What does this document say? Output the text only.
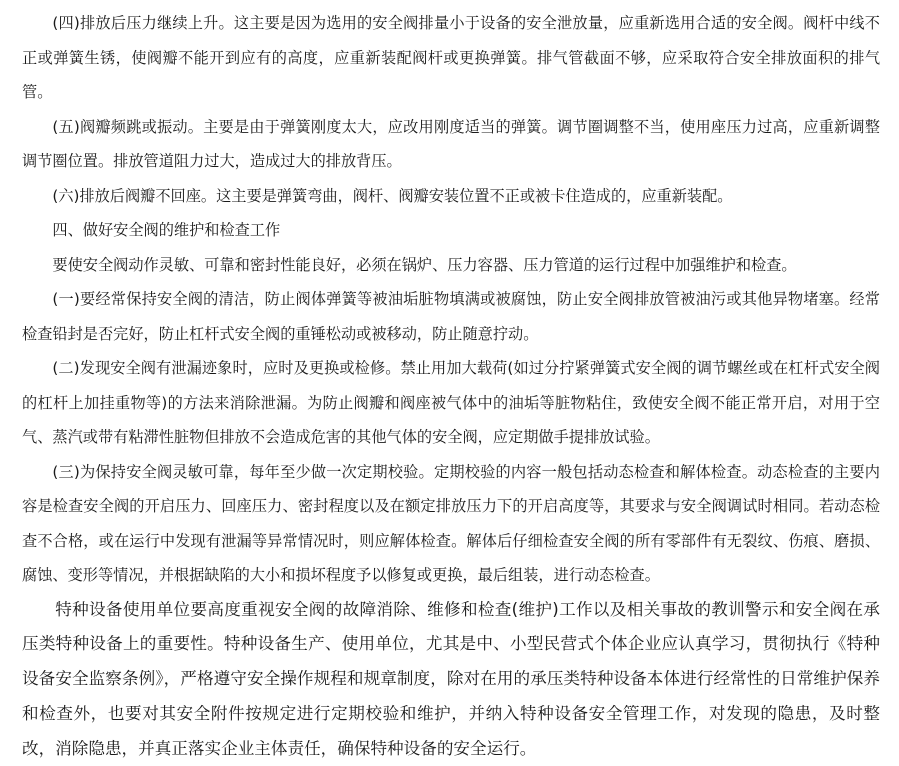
(四)排放后压力继续上升。这主要是因为选用的安全阀排量小于设备的安全泄放量，应重新选用合适的安全阀。阀杆中线不正或弹簧生锈，使阀瓣不能开到应有的高度，应重新装配阀杆或更换弹簧。排气管截面不够，应采取符合安全排放面积的排气管。

(五)阀瓣频跳或振动。主要是由于弹簧刚度太大，应改用刚度适当的弹簧。调节圈调整不当，使用座压力过高，应重新调整调节圈位置。排放管道阻力过大，造成过大的排放背压。

(六)排放后阀瓣不回座。这主要是弹簧弯曲，阀杆、阀瓣安装位置不正或被卡住造成的，应重新装配。

四、做好安全阀的维护和检查工作

要使安全阀动作灵敏、可靠和密封性能良好，必须在锅炉、压力容器、压力管道的运行过程中加强维护和检查。

(一)要经常保持安全阀的清洁，防止阀体弹簧等被油垢脏物填满或被腐蚀，防止安全阀排放管被油污或其他异物堵塞。经常检查铅封是否完好，防止杠杆式安全阀的重锤松动或被移动，防止随意拧动。

(二)发现安全阀有泄漏迹象时，应时及更换或检修。禁止用加大载荷(如过分拧紧弹簧式安全阀的调节螺丝或在杠杆式安全阀的杠杆上加挂重物等)的方法来消除泄漏。为防止阀瓣和阀座被气体中的油垢等脏物粘住，致使安全阀不能正常开启，对用于空气、蒸汽或带有粘滞性脏物但排放不会造成危害的其他气体的安全阀，应定期做手提排放试验。

(三)为保持安全阀灵敏可靠，每年至少做一次定期校验。定期校验的内容一般包括动态检查和解体检查。动态检查的主要内容是检查安全阀的开启压力、回座压力、密封程度以及在额定排放压力下的开启高度等，其要求与安全阀调试时相同。若动态检查不合格，或在运行中发现有泄漏等异常情况时，则应解体检查。解体后仔细检查安全阀的所有零部件有无裂纹、伤痕、磨损、腐蚀、变形等情况，并根据缺陷的大小和损坏程度予以修复或更换，最后组装，进行动态检查。

特种设备使用单位要高度重视安全阀的故障消除、维修和检查(维护)工作以及相关事故的教训警示和安全阀在承压类特种设备上的重要性。特种设备生产、使用单位，尤其是中、小型民营式个体企业应认真学习，贯彻执行《特种设备安全监察条例》，严格遵守安全操作规程和规章制度，除对在用的承压类特种设备本体进行经常性的日常维护保养和检查外，也要对其安全附件按规定进行定期校验和维护，并纳入特种设备安全管理工作，对发现的隐患，及时整改，消除隐患，并真正落实企业主体责任，确保特种设备的安全运行。
